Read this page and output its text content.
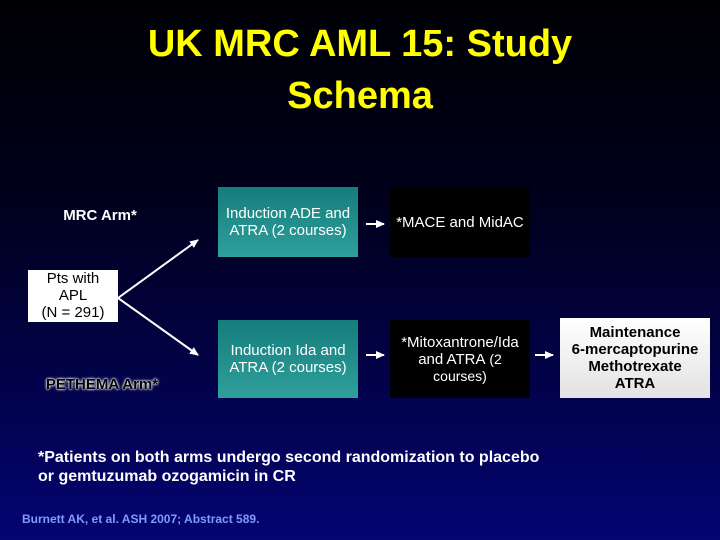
UK MRC AML 15: Study
Schema
MRC Arm*
Pts with
APL
(N = 291)
PETHEMA Arm*
Induction ADE and ATRA (2 courses)	*MACE and MidAC
Induction Ida and ATRA (2 courses)
*Mitoxantrone/Ida and ATRA (2 courses)
Maintenance
6-mercaptopurine
Methotrexate
ATRA
*Patients on both arms undergo second randomization to placebo or gemtuzumab ozogamicin in CR
Burnett AK, et al. ASH 2007; Abstract 589.
